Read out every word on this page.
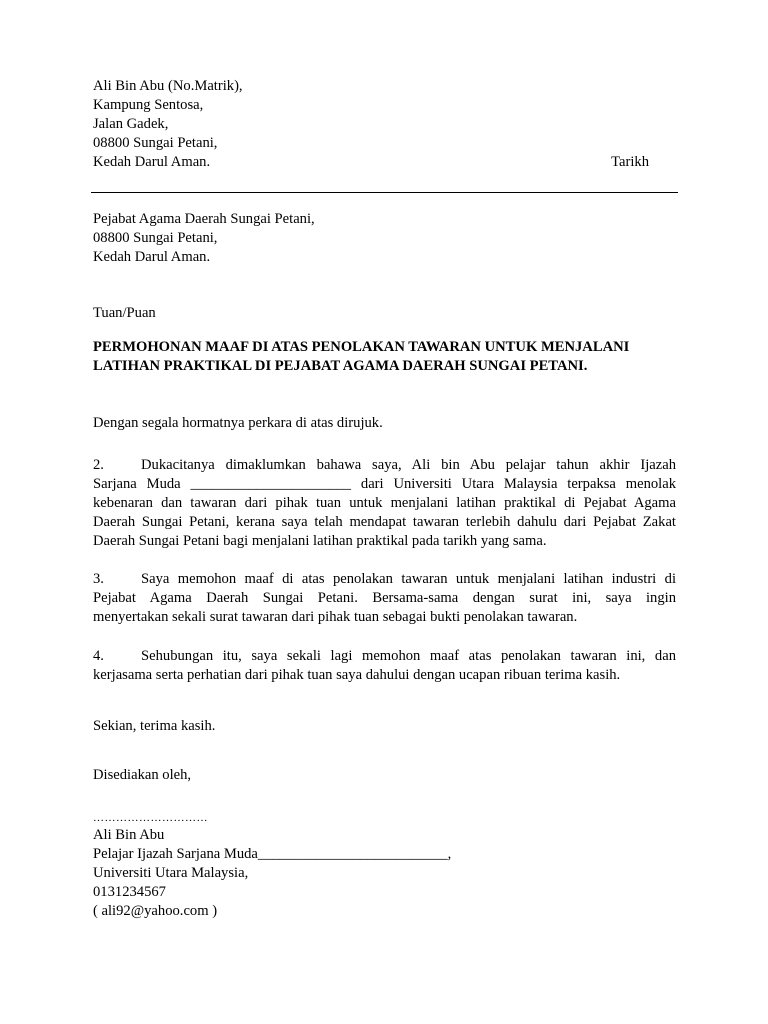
Ali Bin Abu (No.Matrik),
Kampung Sentosa,
Jalan Gadek,
08800 Sungai Petani,
Kedah Darul Aman.	Tarikh
Pejabat Agama Daerah Sungai Petani,
08800 Sungai Petani,
Kedah Darul Aman.
Tuan/Puan
PERMOHONAN MAAF DI ATAS PENOLAKAN TAWARAN UNTUK MENJALANI
LATIHAN PRAKTIKAL DI PEJABAT AGAMA DAERAH SUNGAI PETANI.
Dengan segala hormatnya perkara di atas dirujuk.
2.	Dukacitanya dimaklumkan bahawa saya, Ali bin Abu pelajar tahun akhir Ijazah
Sarjana Muda ______________________ dari Universiti Utara Malaysia terpaksa menolak
kebenaran dan tawaran dari pihak tuan untuk menjalani latihan praktikal di Pejabat Agama
Daerah Sungai Petani, kerana saya telah mendapat tawaran terlebih dahulu dari Pejabat Zakat
Daerah Sungai Petani bagi menjalani latihan praktikal pada tarikh yang sama.
3.	Saya memohon maaf di atas penolakan tawaran untuk menjalani latihan industri di
Pejabat Agama Daerah Sungai Petani. Bersama-sama dengan surat ini, saya ingin
menyertakan sekali surat tawaran dari pihak tuan sebagai bukti penolakan tawaran.
4.	Sehubungan itu, saya sekali lagi memohon maaf atas penolakan tawaran ini, dan
kerjasama serta perhatian dari pihak tuan saya dahului dengan ucapan ribuan terima kasih.
Sekian, terima kasih.
Disediakan oleh,
…………………………
Ali Bin Abu
Pelajar Ijazah Sarjana Muda__________________________,
Universiti Utara Malaysia,
0131234567
( ali92@yahoo.com )
